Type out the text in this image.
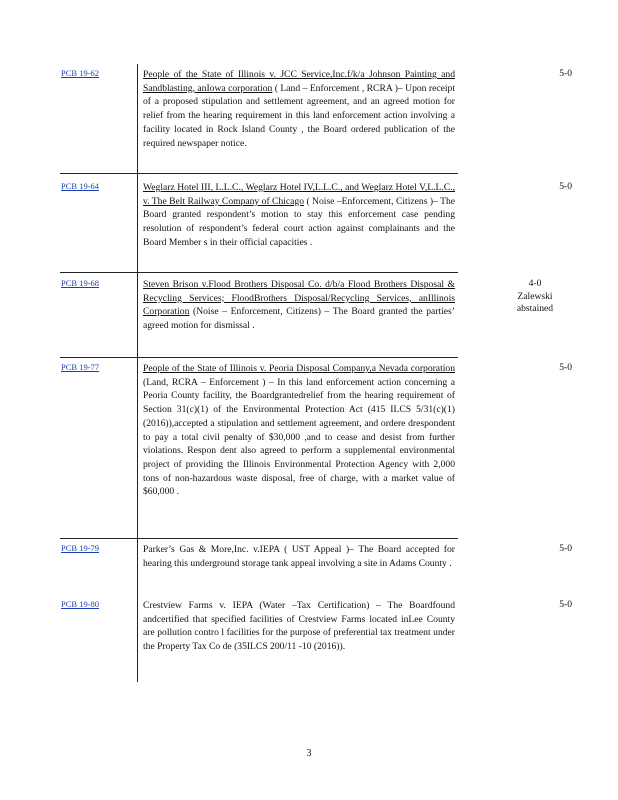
PCB 19-62	People of the State of Illinois v. JCC Service,Inc.f/k/a Johnson Painting and Sandblasting, anIowa corporation ( Land – Enforcement , RCRA )– Upon receipt of a proposed stipulation and settlement agreement, and an agreed motion for relief from the hearing requirement in this land enforcement action involving a facility located in Rock Island County , the Board ordered publication of the required newspaper notice.
5-0
PCB 19-64	Weglarz Hotel III, L.L.C., Weglarz Hotel IV,L.L.C., and Weglarz Hotel V,L.L.C., v. The Belt Railway Company of Chicago ( Noise –Enforcement, Citizens )– The Board granted respondent’s motion to stay this enforcement case pending resolution of respondent’s federal court action against complainants and the Board Member s in their official capacities .
5-0
PCB 19-68	Steven Brison v.Flood Brothers Disposal Co. d/b/a Flood Brothers Disposal & Recycling Services; FloodBrothers Disposal/Recycling Services, anIllinois Corporation (Noise – Enforcement, Citizens) – The Board granted the parties’ agreed motion for dismissal .
4-0
Zalewski abstained
PCB 19-77	People of the State of Illinois v. Peoria Disposal Company,a Nevada corporation (Land, RCRA – Enforcement ) – In this land enforcement action concerning a Peoria County facility, the Boardgrantedrelief from the hearing requirement of Section 31(c)(1) of the Environmental Protection Act (415 ILCS 5/31(c)(1) (2016)),accepted a stipulation and settlement agreement, and ordere drespondent to pay a total civil penalty of $30,000 ,and to cease and desist from further violations. Respon dent also agreed to perform a supplemental environmental project of providing the Illinois Environmental Protection Agency with 2,000 tons of non-hazardous waste disposal, free of charge, with a market value of $60,000 .
5-0
PCB 19-79	Parker’s Gas & More,Inc. v.IEPA ( UST Appeal )– The Board accepted for hearing this underground storage tank appeal involving a site in Adams County .
5-0
PCB 19-80	Crestview Farms v. IEPA (Water –Tax Certification) – The Boardfound andcertified that specified facilities of Crestview Farms located inLee County are pollution contro l facilities for the purpose of preferential tax treatment under the Property Tax Co de (35ILCS 200/11 -10 (2016)).
5-0
3
